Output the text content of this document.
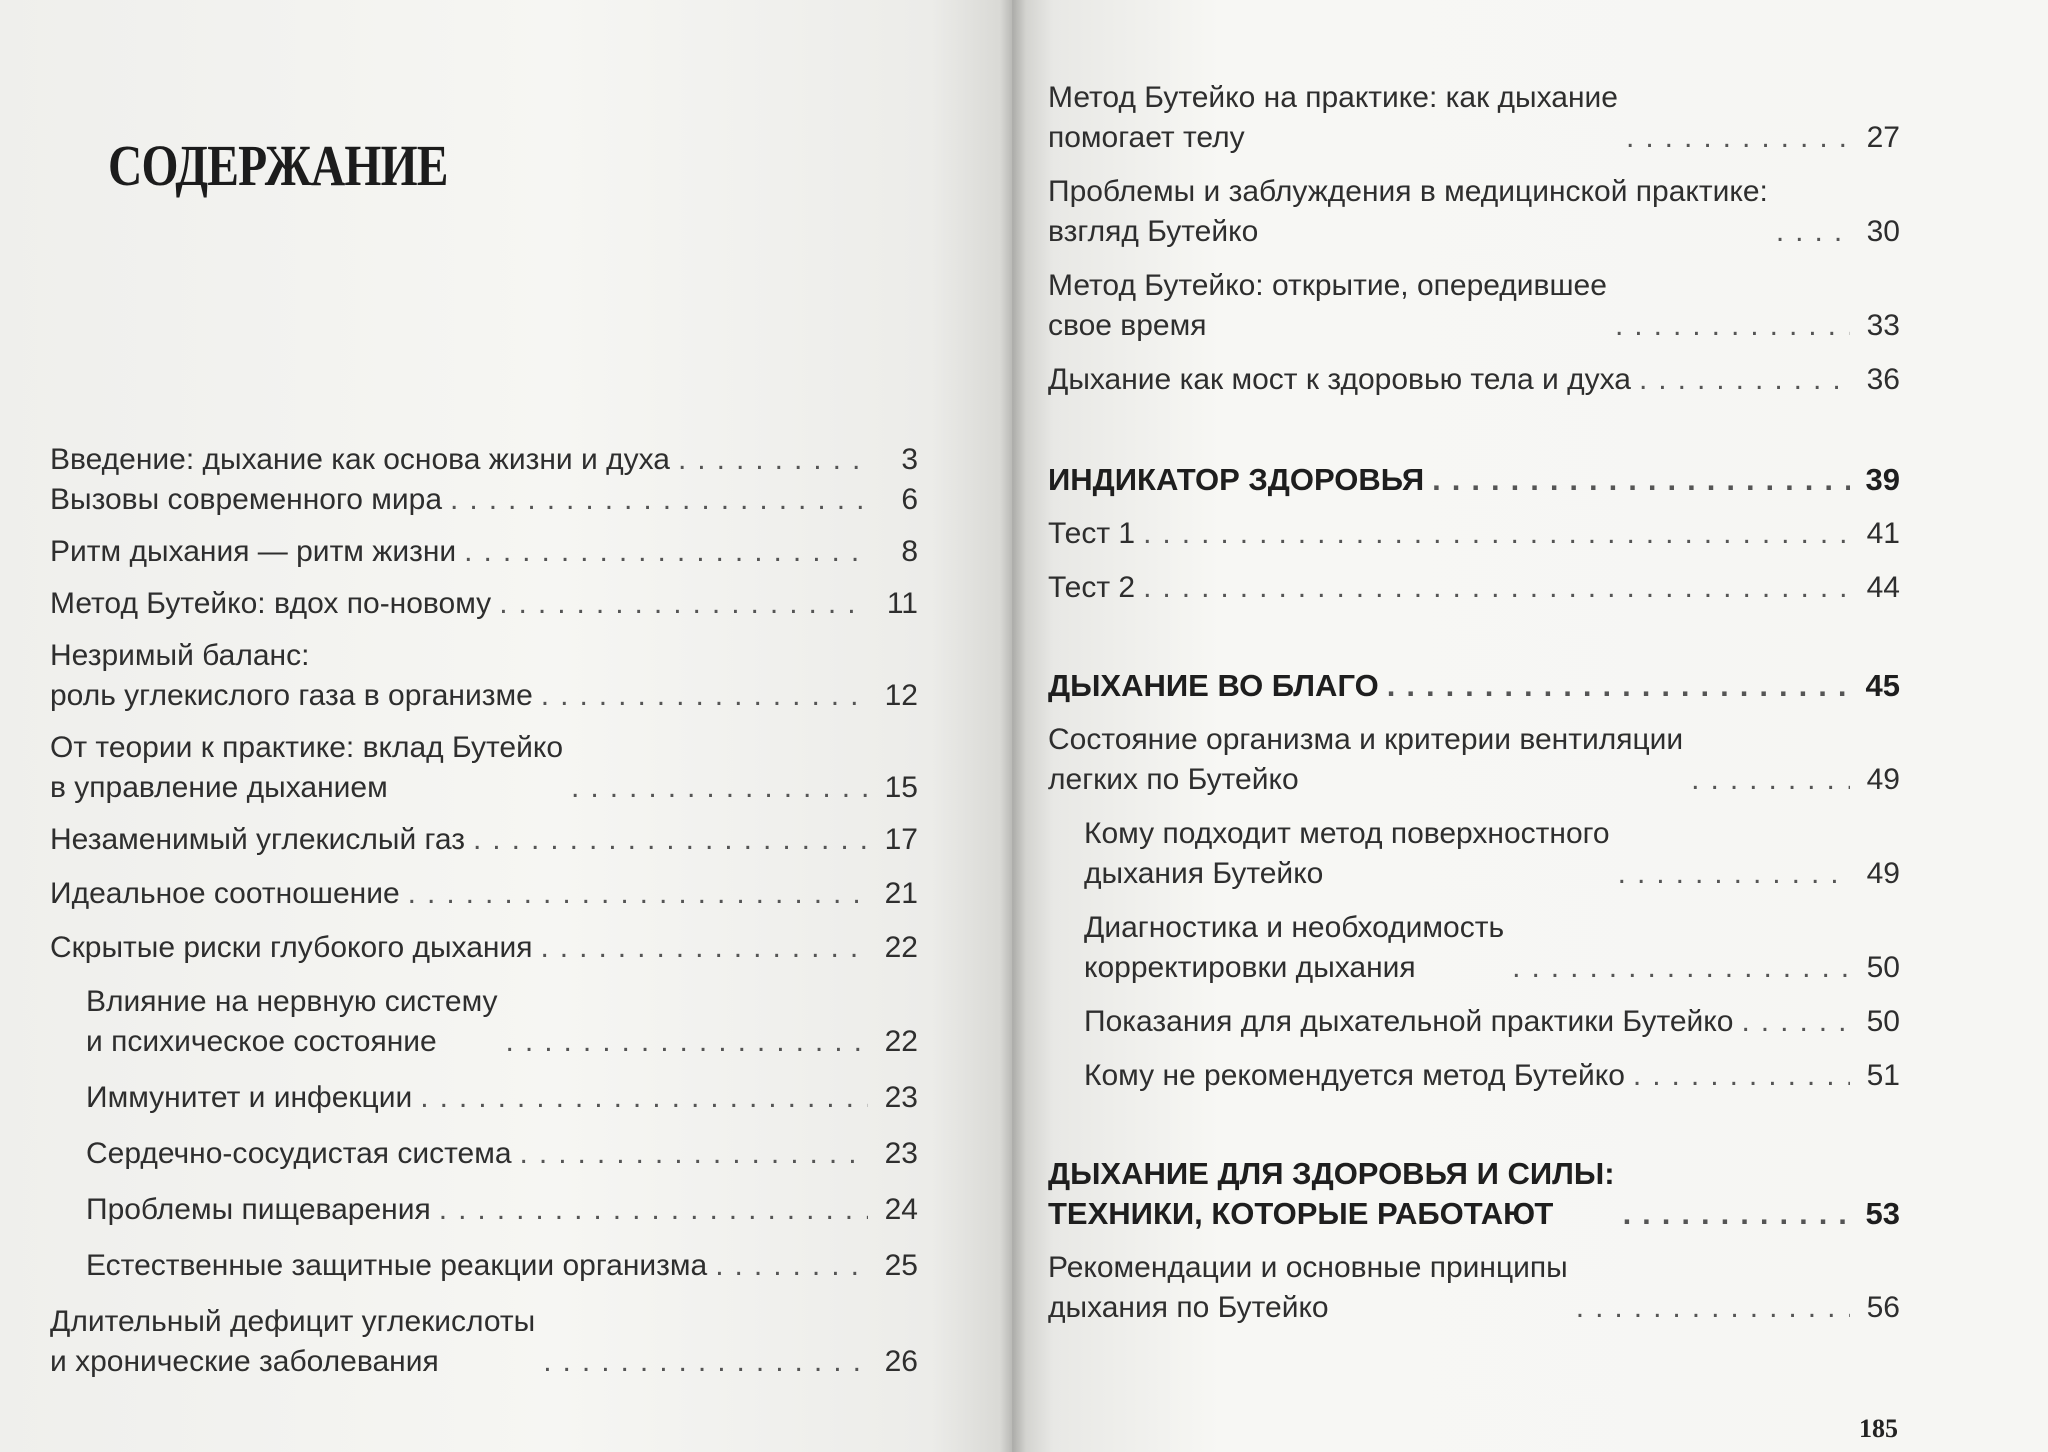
СОДЕРЖАНИЕ
Введение: дыхание как основа жизни и духа .....	3
Вызовы современного мира .....	6
Ритм дыхания — ритм жизни .....	8
Метод Бутейко: вдох по-новому .....	11
Незримый баланс:
роль углекислого газа в организме .....	12
От теории к практике: вклад Бутейко
в управление дыханием .....	15
Незаменимый углекислый газ .....	17
Идеальное соотношение .....	21
Скрытые риски глубокого дыхания .....	22
Влияние на нервную систему
и психическое состояние .....	22
Иммунитет и инфекции .....	23
Сердечно-сосудистая система .....	23
Проблемы пищеварения .....	24
Естественные защитные реакции организма .....	25
Длительный дефицит углекислоты
и хронические заболевания .....	26
Метод Бутейко на практике: как дыхание
помогает телу .....	27
Проблемы и заблуждения в медицинской практике:
взгляд Бутейко .....	30
Метод Бутейко: открытие, опередившее
свое время .....	33
Дыхание как мост к здоровью тела и духа .....	36
ИНДИКАТОР ЗДОРОВЬЯ .....	39
Тест 1 .....	41
Тест 2 .....	44
ДЫХАНИЕ ВО БЛАГО .....	45
Состояние организма и критерии вентиляции
легких по Бутейко .....	49
Кому подходит метод поверхностного
дыхания Бутейко .....	49
Диагностика и необходимость
корректировки дыхания .....	50
Показания для дыхательной практики Бутейко .....	50
Кому не рекомендуется метод Бутейко .....	51
ДЫХАНИЕ ДЛЯ ЗДОРОВЬЯ И СИЛЫ:
ТЕХНИКИ, КОТОРЫЕ РАБОТАЮТ .....	53
Рекомендации и основные принципы
дыхания по Бутейко .....	56
185
